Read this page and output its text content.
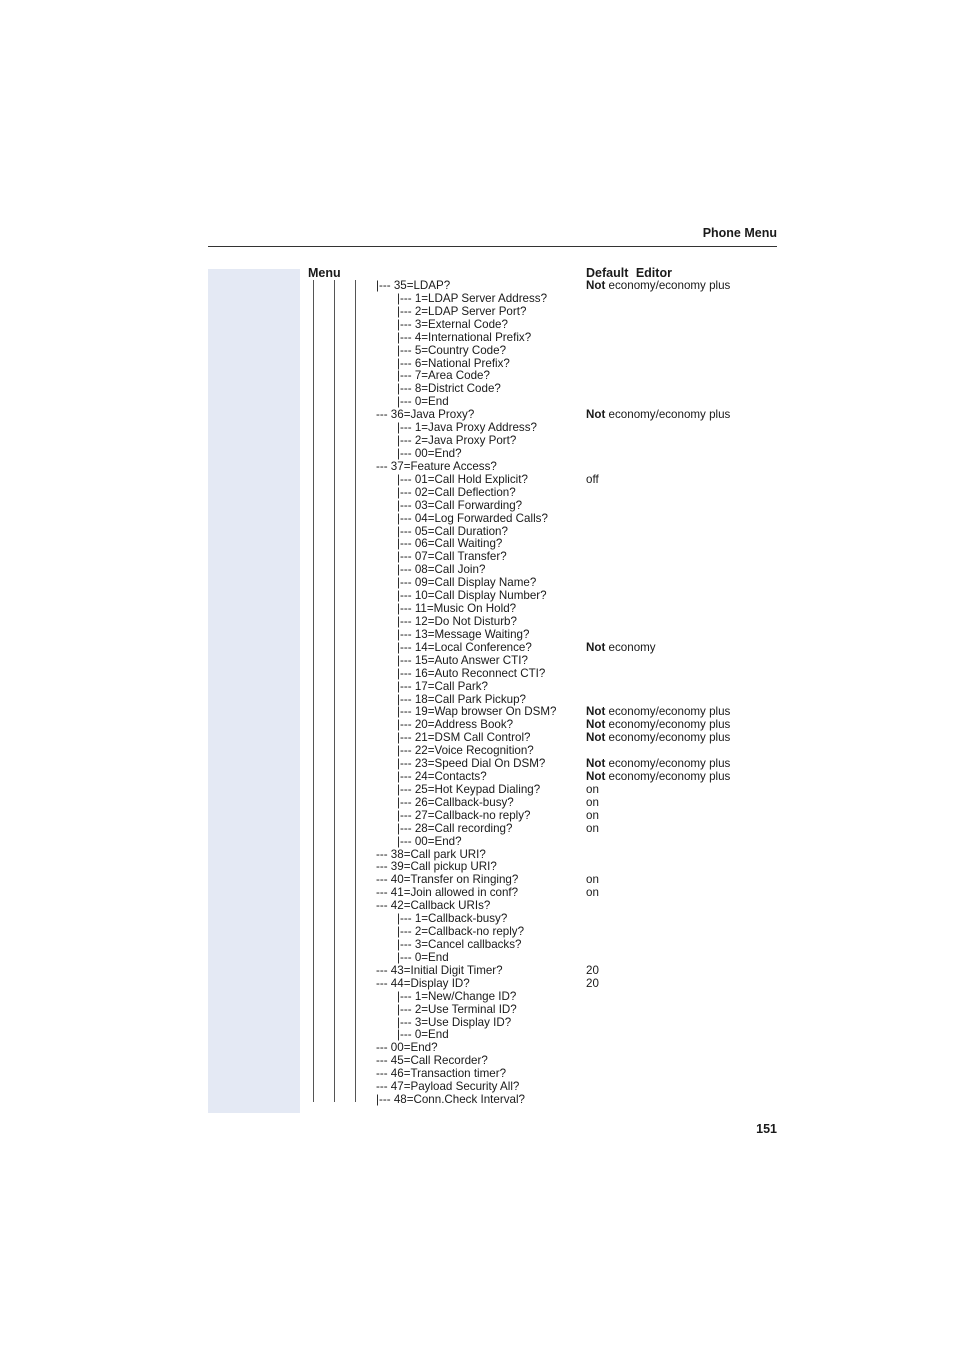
Phone Menu
Menu	Default Editor
|--- 35=LDAP?	Not economy/economy plus
|--- 1=LDAP Server Address?
|--- 2=LDAP Server Port?
|--- 3=External Code?
|--- 4=International Prefix?
|--- 5=Country Code?
|--- 6=National Prefix?
|--- 7=Area Code?
|--- 8=District Code?
|--- 0=End
--- 36=Java Proxy?	Not economy/economy plus
|--- 1=Java Proxy Address?
|--- 2=Java Proxy Port?
|--- 00=End?
--- 37=Feature Access?
|--- 01=Call Hold Explicit?	off
|--- 02=Call Deflection?
|--- 03=Call Forwarding?
|--- 04=Log Forwarded Calls?
|--- 05=Call Duration?
|--- 06=Call Waiting?
|--- 07=Call Transfer?
|--- 08=Call Join?
|--- 09=Call Display Name?
|--- 10=Call Display Number?
|--- 11=Music On Hold?
|--- 12=Do Not Disturb?
|--- 13=Message Waiting?
|--- 14=Local Conference?	Not economy
|--- 15=Auto Answer CTI?
|--- 16=Auto Reconnect CTI?
|--- 17=Call Park?
|--- 18=Call Park Pickup?
|--- 19=Wap browser On DSM?	Not economy/economy plus
|--- 20=Address Book?	Not economy/economy plus
|--- 21=DSM Call Control?	Not economy/economy plus
|--- 22=Voice Recognition?
|--- 23=Speed Dial On DSM?	Not economy/economy plus
|--- 24=Contacts?	Not economy/economy plus
|--- 25=Hot Keypad Dialing?	on
|--- 26=Callback-busy?	on
|--- 27=Callback-no reply?	on
|--- 28=Call recording?	on
|--- 00=End?
--- 38=Call park URI?
--- 39=Call pickup URI?
--- 40=Transfer on Ringing?	on
--- 41=Join allowed in conf?	on
--- 42=Callback URIs?
|--- 1=Callback-busy?
|--- 2=Callback-no reply?
|--- 3=Cancel callbacks?
|--- 0=End
--- 43=Initial Digit Timer?	20
--- 44=Display ID?	20
|--- 1=New/Change ID?
|--- 2=Use Terminal ID?
|--- 3=Use Display ID?
|--- 0=End
--- 00=End?
--- 45=Call Recorder?
--- 46=Transaction timer?
--- 47=Payload Security All?
|--- 48=Conn.Check Interval?
151
